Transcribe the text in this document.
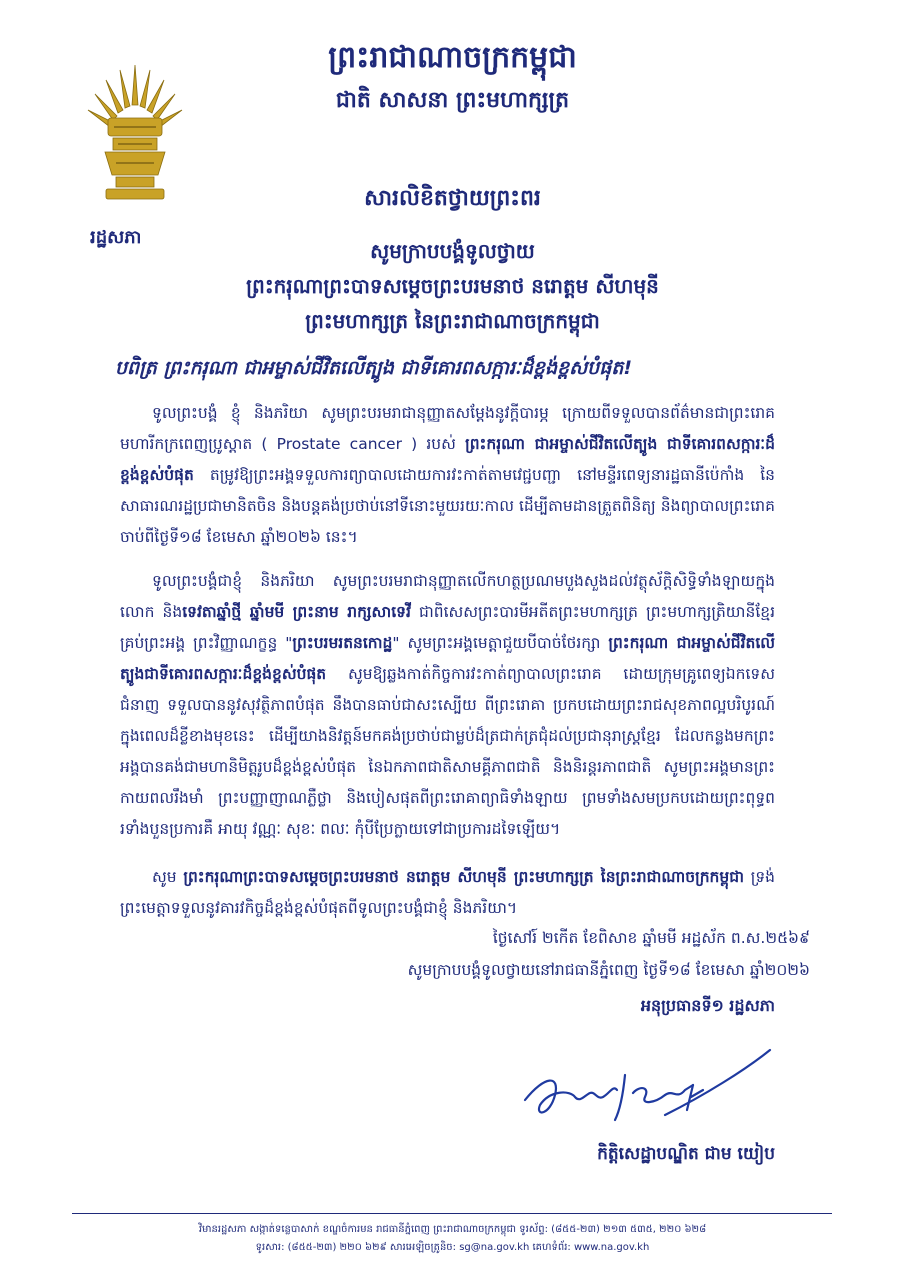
រដ្ឋសភា
ព្រះរាជាណាចក្រកម្ពុជា
ជាតិ សាសនា ព្រះមហាក្សត្រ
សារលិខិតថ្វាយព្រះពរ
សូមក្រាបបង្គំទូលថ្វាយ
ព្រះករុណាព្រះបាទសម្តេចព្រះបរមនាថ នរោត្តម សីហមុនី
ព្រះមហាក្សត្រ នៃព្រះរាជាណាចក្រកម្ពុជា
បពិត្រ ព្រះករុណា ជាអម្ចាស់ជីវិតលើត្បូង ជាទីគោរពសក្ការៈដ៏ខ្ពង់ខ្ពស់បំផុត!

ទូលព្រះបង្គំ ខ្ញុំ និងភរិយា សូមព្រះបរមរាជានុញ្ញាតសម្តែងនូវក្តីបារម្ភ ក្រោយពីទទួលបានព័ត៌មានជាព្រះរោគមហារីកក្រពេញប្រូស្តាត ( Prostate cancer ) របស់ ព្រះករុណា ជាអម្ចាស់ជីវិតលើត្បូង ជាទីគោរពសក្ការៈដ៏ខ្ពង់ខ្ពស់បំផុត តម្រូវឱ្យព្រះអង្គទទួលការព្យាបាលដោយការវះកាត់តាមវេជ្ជបញ្ជា នៅមន្ទីរពេទ្យនារដ្ឋធានីប៉េកាំង នៃសាធារណរដ្ឋប្រជាមានិតចិន និងបន្តគង់ប្រថាប់នៅទីនោះមួយរយៈកាល ដើម្បីតាមដានត្រួតពិនិត្យ និងព្យាបាលព្រះរោគ ចាប់ពីថ្ងៃទី១៨ ខែមេសា ឆ្នាំ២០២៦ នេះ។

ទូលព្រះបង្គំជាខ្ញុំ និងភរិយា សូមព្រះបរមរាជានុញ្ញាតលើកហត្ថប្រណមបួងសួងដល់វត្ថុស័ក្តិសិទ្ធិទាំងឡាយក្នុងលោក និងទេវតាឆ្នាំថ្មី ឆ្នាំមមី ព្រះនាម រាក្សសាទេវី ជាពិសេសព្រះបារមីអតីតព្រះមហាក្សត្រ ព្រះមហាក្សត្រិយានីខ្មែរគ្រប់ព្រះអង្គ ព្រះវិញ្ញាណក្ខន្ធ "ព្រះបរមរតនកោដ្ឋ" សូមព្រះអង្គមេត្តាជួយបីបាច់ថែរក្សា ព្រះករុណា ជាអម្ចាស់ជីវិតលើត្បូងជាទីគោរពសក្ការៈដ៏ខ្ពង់ខ្ពស់បំផុត សូមឱ្យឆ្លងកាត់កិច្ចការវះកាត់ព្យាបាលព្រះរោគ ដោយក្រុមគ្រូពេទ្យឯកទេសជំនាញ ទទួលបាននូវសុវត្ថិភាពបំផុត នឹងបានធាប់ជាសះស្បើយ ពីព្រះរោគា ប្រកបដោយព្រះរាជសុខភាពល្អបរិបូរណ៍ក្នុងពេលដ៏ខ្លីខាងមុខនេះ ដើម្បីយាងនិវត្តន៍មកគង់ប្រថាប់ជាម្លប់ដ៏ត្រជាក់ត្រជុំដល់ប្រជានុរាស្ត្រខ្មែរ ដែលកន្លងមកព្រះអង្គបានគង់ជាមហានិមិត្តរូបដ៏ខ្ពង់ខ្ពស់បំផុត នៃឯកភាពជាតិសាមគ្គីភាពជាតិ និងនិរន្តរភាពជាតិ សូមព្រះអង្គមានព្រះកាយពលរឹងមាំ ព្រះបញ្ញាញាណភ្លឺថ្លា និងបៀសផុតពីព្រះរោគាព្យាធិទាំងឡាយ ព្រមទាំងសមប្រកបដោយព្រះពុទ្ធពរទាំងបួនប្រការគឺ អាយុ វណ្ណៈ សុខៈ ពលៈ កុំបីប្រែក្លាយទៅជាប្រការដទៃឡើយ។

សូម ព្រះករុណាព្រះបាទសម្តេចព្រះបរមនាថ នរោត្តម សីហមុនី ព្រះមហាក្សត្រ នៃព្រះរាជាណាចក្រកម្ពុជា ទ្រង់ព្រះមេត្តាទទួលនូវគារវកិច្ចដ៏ខ្ពង់ខ្ពស់បំផុតពីទូលព្រះបង្គំជាខ្ញុំ និងភរិយា។

ថ្ងៃសៅរ៍ ២កើត ខែពិសាខ ឆ្នាំមមី អដ្ឋស័ក ព.ស.២៥៦៩
សូមក្រាបបង្គំទូលថ្វាយនៅរាជធានីភ្នំពេញ ថ្ងៃទី១៨ ខែមេសា ឆ្នាំ២០២៦
អនុប្រធានទី១ រដ្ឋសភា
កិត្តិសេដ្ឋាបណ្ឌិត ជាម យៀប
វិមានរដ្ឋសភា សង្កាត់ទន្លេបាសាក់ ខណ្ឌចំការមន រាជធានីភ្នំពេញ ព្រះរាជាណាចក្រកម្ពុជា ទូរស័ព្ទ: (៨៥៥-២៣) ២១៣ ៥៣៥, ២២០ ៦២៨
ទូរសារ: (៨៥៥-២៣) ២២០ ៦២៩ សារអេឡិចត្រូនិច: sg@na.gov.kh គេហទំព័រ: www.na.gov.kh
